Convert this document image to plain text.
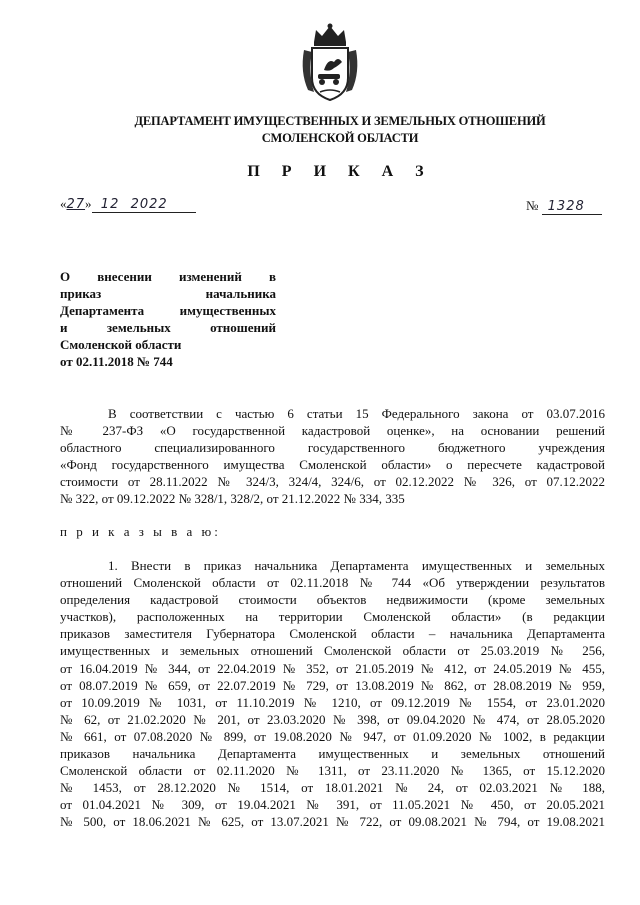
ДЕПАРТАМЕНТ ИМУЩЕСТВЕННЫХ И ЗЕМЕЛЬНЫХ ОТНОШЕНИЙ
СМОЛЕНСКОЙ ОБЛАСТИ
П Р И К А З
«27» 12 2022	№ 1328
О внесении изменений в
приказ начальника
Департамента имущественных
и земельных отношений
Смоленской области
от 02.11.2018 № 744
В соответствии с частью 6 статьи 15 Федерального закона от 03.07.2016
№ 237-ФЗ «О государственной кадастровой оценке», на основании решений
областного специализированного государственного бюджетного учреждения
«Фонд государственного имущества Смоленской области» о пересчете кадастровой
стоимости от 28.11.2022 № 324/3, 324/4, 324/6, от 02.12.2022 № 326, от 07.12.2022
№ 322, от 09.12.2022 № 328/1, 328/2, от 21.12.2022 № 334, 335
п р и к а з ы в а ю:
1. Внести в приказ начальника Департамента имущественных и земельных
отношений Смоленской области от 02.11.2018 № 744 «Об утверждении результатов
определения кадастровой стоимости объектов недвижимости (кроме земельных
участков), расположенных на территории Смоленской области» (в редакции
приказов заместителя Губернатора Смоленской области – начальника Департамента
имущественных и земельных отношений Смоленской области от 25.03.2019 № 256,
от 16.04.2019 № 344, от 22.04.2019 № 352, от 21.05.2019 № 412, от 24.05.2019 № 455,
от 08.07.2019 № 659, от 22.07.2019 № 729, от 13.08.2019 № 862, от 28.08.2019 № 959,
от 10.09.2019 № 1031, от 11.10.2019 № 1210, от 09.12.2019 № 1554, от 23.01.2020
№ 62, от 21.02.2020 № 201, от 23.03.2020 № 398, от 09.04.2020 № 474, от 28.05.2020
№ 661, от 07.08.2020 № 899, от 19.08.2020 № 947, от 01.09.2020 № 1002, в редакции
приказов начальника Департамента имущественных и земельных отношений
Смоленской области от 02.11.2020 № 1311, от 23.11.2020 № 1365, от 15.12.2020
№ 1453, от 28.12.2020 № 1514, от 18.01.2021 № 24, от 02.03.2021 № 188,
от 01.04.2021 № 309, от 19.04.2021 № 391, от 11.05.2021 № 450, от 20.05.2021
№ 500, от 18.06.2021 № 625, от 13.07.2021 № 722, от 09.08.2021 № 794, от 19.08.2021
